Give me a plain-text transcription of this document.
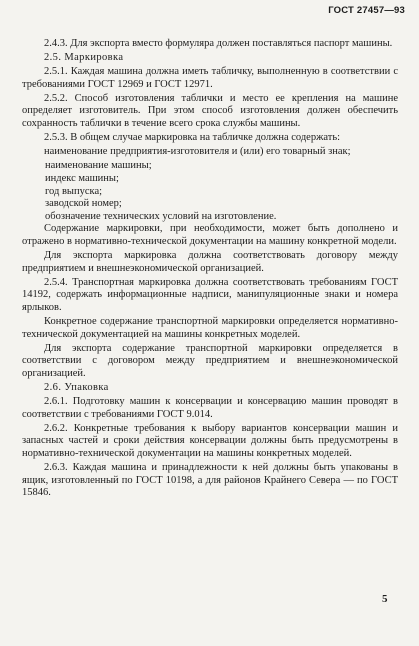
ГОСТ 27457—93

2.4.3. Для экспорта вместо формуляра должен поставляться паспорт машины.

2.5. Маркировка

2.5.1. Каждая машина должна иметь табличку, выполненную в соответствии с требованиями ГОСТ 12969 и ГОСТ 12971.

2.5.2. Способ изготовления таблички и место ее крепления на машине определяет изготовитель. При этом способ изготовления должен обеспечить сохранность таблички в течение всего срока службы машины.

2.5.3. В общем случае маркировка на табличке должна содержать:

наименование предприятия-изготовителя и (или) его товарный знак;

наименование машины;

индекс машины;

год выпуска;

заводской номер;

обозначение технических условий на изготовление.

Содержание маркировки, при необходимости, может быть дополнено и отражено в нормативно-технической документации на машину конкретной модели.

Для экспорта маркировка должна соответствовать договору между предприятием и внешнеэкономической организацией.

2.5.4. Транспортная маркировка должна соответствовать требованиям ГОСТ 14192, содержать информационные надписи, манипуляционные знаки и номера ярлыков.

Конкретное содержание транспортной маркировки определяется нормативно-технической документацией на машины конкретных моделей.

Для экспорта содержание транспортной маркировки определяется в соответствии с договором между предприятием и внешнеэкономической организацией.

2.6. Упаковка

2.6.1. Подготовку машин к консервации и консервацию машин проводят в соответствии с требованиями ГОСТ 9.014.

2.6.2. Конкретные требования к выбору вариантов консервации машин и запасных частей и сроки действия консервации должны быть предусмотрены в нормативно-технической документации на машины конкретных моделей.

2.6.3. Каждая машина и принадлежности к ней должны быть упакованы в ящик, изготовленный по ГОСТ 10198, а для районов Крайнего Севера — по ГОСТ 15846.

5
